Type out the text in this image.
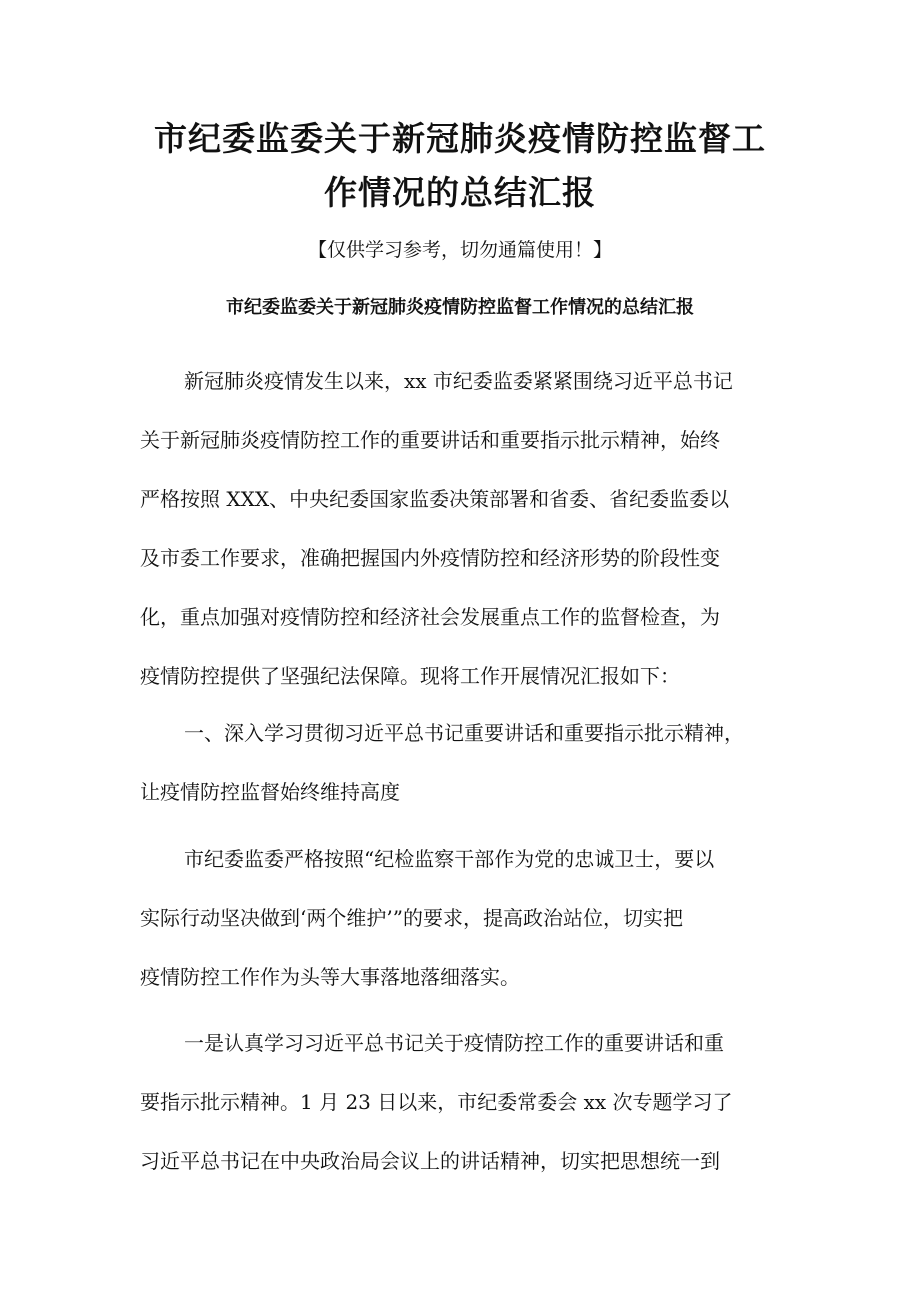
市纪委监委关于新冠肺炎疫情防控监督工
作情况的总结汇报
【仅供学习参考，切勿通篇使用！】
市纪委监委关于新冠肺炎疫情防控监督工作情况的总结汇报
新冠肺炎疫情发生以来，xx 市纪委监委紧紧围绕习近平总书记
关于新冠肺炎疫情防控工作的重要讲话和重要指示批示精神，始终
严格按照 XXX、中央纪委国家监委决策部署和省委、省纪委监委以
及市委工作要求，准确把握国内外疫情防控和经济形势的阶段性变
化，重点加强对疫情防控和经济社会发展重点工作的监督检查，为
疫情防控提供了坚强纪法保障。现将工作开展情况汇报如下：
一、深入学习贯彻习近平总书记重要讲话和重要指示批示精神，
让疫情防控监督始终维持高度
市纪委监委严格按照“纪检监察干部作为党的忠诚卫士，要以
实际行动坚决做到‘两个维护’”的要求，提高政治站位，切实把
疫情防控工作作为头等大事落地落细落实。
一是认真学习习近平总书记关于疫情防控工作的重要讲话和重
要指示批示精神。1 月 23 日以来，市纪委常委会 xx 次专题学习了
习近平总书记在中央政治局会议上的讲话精神，切实把思想统一到
